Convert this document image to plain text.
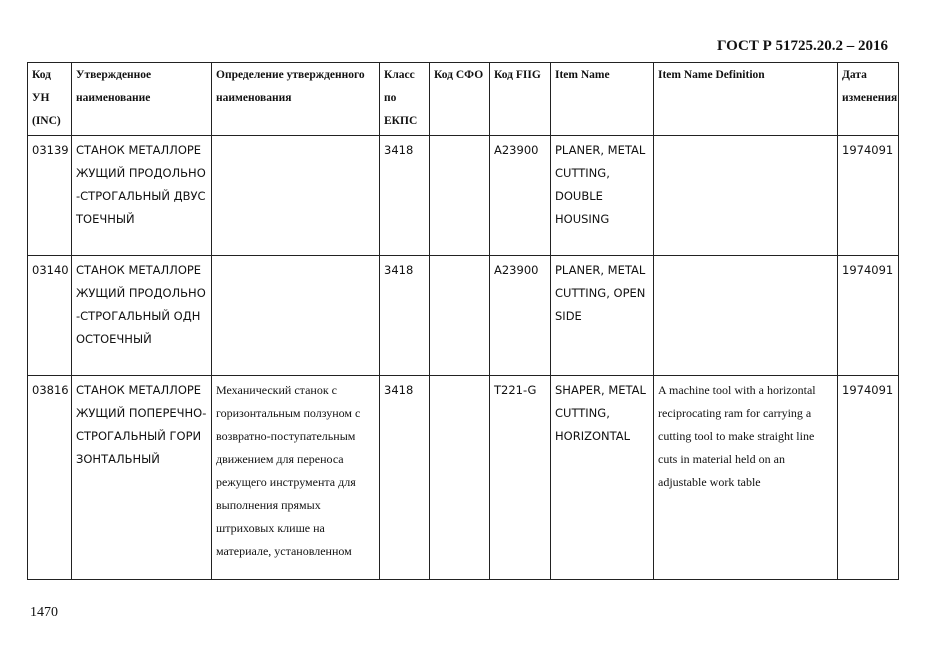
ГОСТ Р 51725.20.2 – 2016
Код УН (INC)	Утвержденное наименование	Определение утвержденного наименования	Класс по ЕКПС	Код СФО	Код FIIG	Item Name	Item Name Definition	Дата изменения
03139	СТАНОК МЕТАЛЛОРЕЖУЩИЙ ПРОДОЛЬНО-СТРОГАЛЬНЫЙ ДВУСТОЕЧНЫЙ		3418		A23900	PLANER, METAL CUTTING, DOUBLE HOUSING		1974091
03140	СТАНОК МЕТАЛЛОРЕЖУЩИЙ ПРОДОЛЬНО-СТРОГАЛЬНЫЙ ОДНОСТОЕЧНЫЙ		3418		A23900	PLANER, METAL CUTTING, OPEN SIDE		1974091
03816	СТАНОК МЕТАЛЛОРЕЖУЩИЙ ПОПЕРЕЧНО-СТРОГАЛЬНЫЙ ГОРИЗОНТАЛЬНЫЙ	Механический станок с горизонтальным ползуном с возвратно-поступательным движением для переноса режущего инструмента для выполнения прямых штриховых клише на материале, установленном	3418		T221-G	SHAPER, METAL CUTTING, HORIZONTAL	A machine tool with a horizontal reciprocating ram for carrying a cutting tool to make straight line cuts in material held on an adjustable work table	1974091
1470
